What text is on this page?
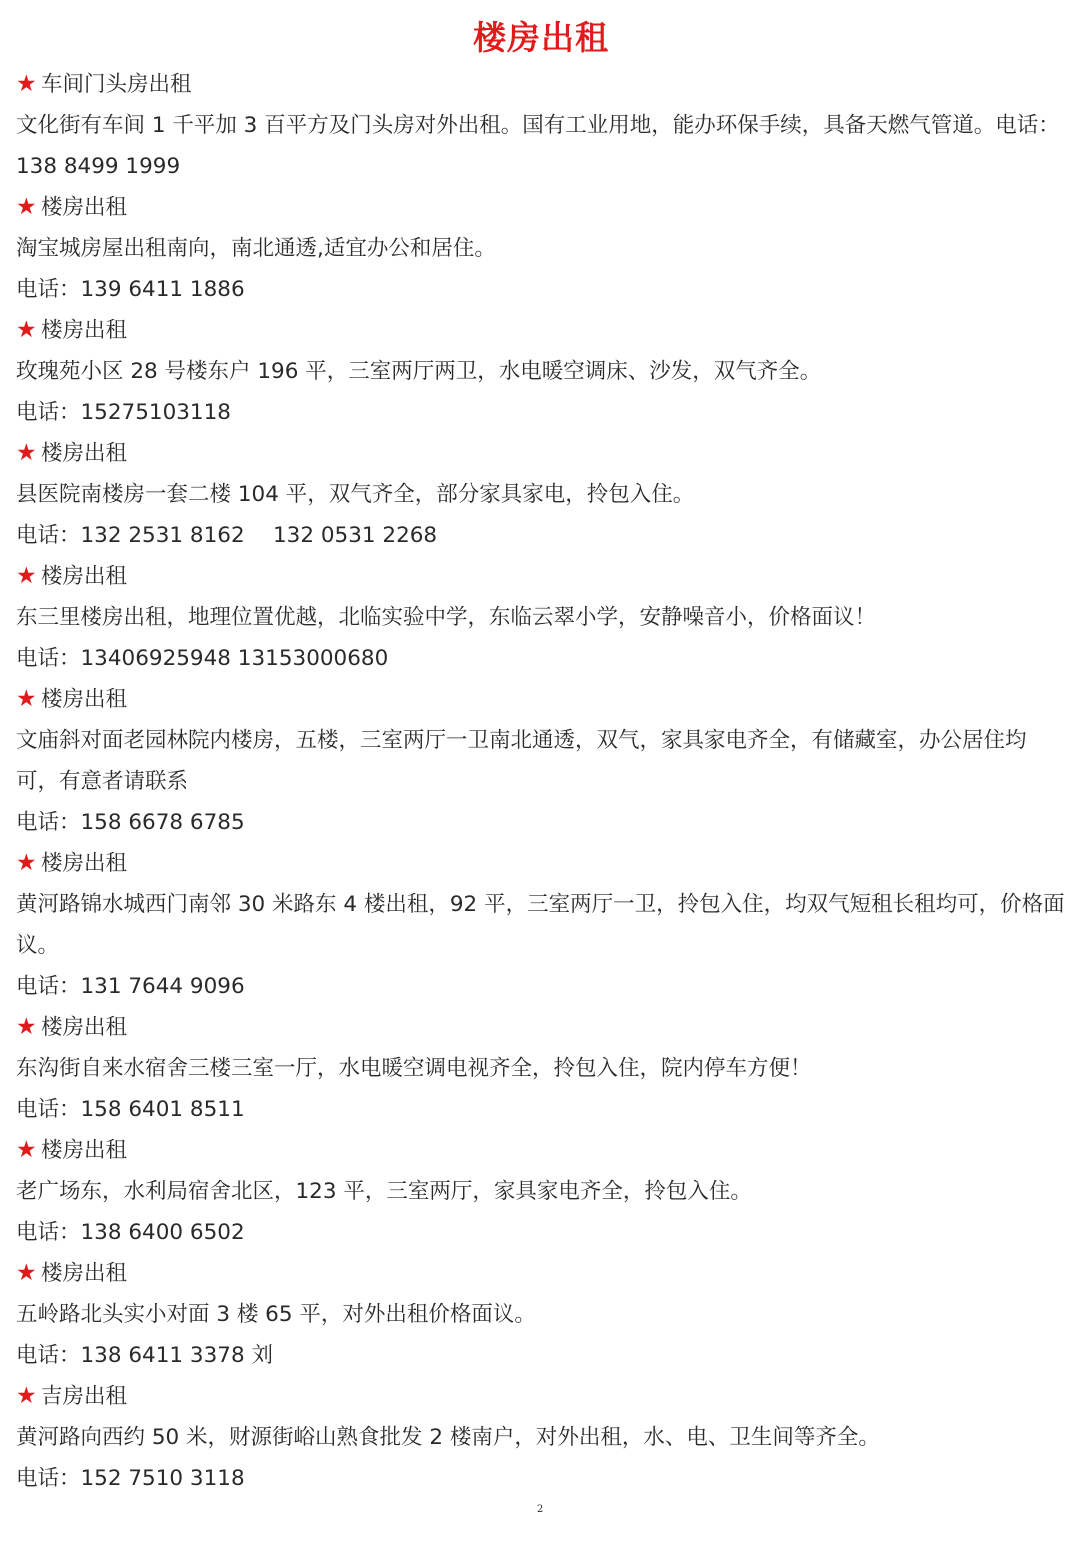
楼房出租

★ 车间门头房出租

文化街有车间 1 千平加 3 百平方及门头房对外出租。国有工业用地，能办环保手续，具备天燃气管道。电话：138 8499 1999

★ 楼房出租

淘宝城房屋出租南向，南北通透,适宜办公和居住。

电话：139 6411 1886

★ 楼房出租

玫瑰苑小区 28 号楼东户 196 平，三室两厅两卫，水电暖空调床、沙发，双气齐全。

电话：15275103118

★ 楼房出租

县医院南楼房一套二楼 104 平，双气齐全，部分家具家电，拎包入住。

电话：132 2531 8162　 132 0531 2268

★ 楼房出租

东三里楼房出租，地理位置优越，北临实验中学，东临云翠小学，安静噪音小，价格面议！

电话：13406925948 13153000680

★ 楼房出租

文庙斜对面老园林院内楼房，五楼，三室两厅一卫南北通透，双气，家具家电齐全，有储藏室，办公居住均可，有意者请联系

电话：158 6678 6785

★ 楼房出租

黄河路锦水城西门南邻 30 米路东 4 楼出租，92 平，三室两厅一卫，拎包入住，均双气短租长租均可，价格面议。

电话：131 7644 9096

★ 楼房出租

东沟街自来水宿舍三楼三室一厅，水电暖空调电视齐全，拎包入住，院内停车方便！

电话：158 6401 8511

★ 楼房出租

老广场东，水利局宿舍北区，123 平，三室两厅，家具家电齐全，拎包入住。

电话：138 6400 6502

★ 楼房出租

五岭路北头实小对面 3 楼 65 平，对外出租价格面议。

电话：138 6411 3378 刘

★ 吉房出租

黄河路向西约 50 米，财源街峪山熟食批发 2 楼南户，对外出租，水、电、卫生间等齐全。

电话：152 7510 3118

2
